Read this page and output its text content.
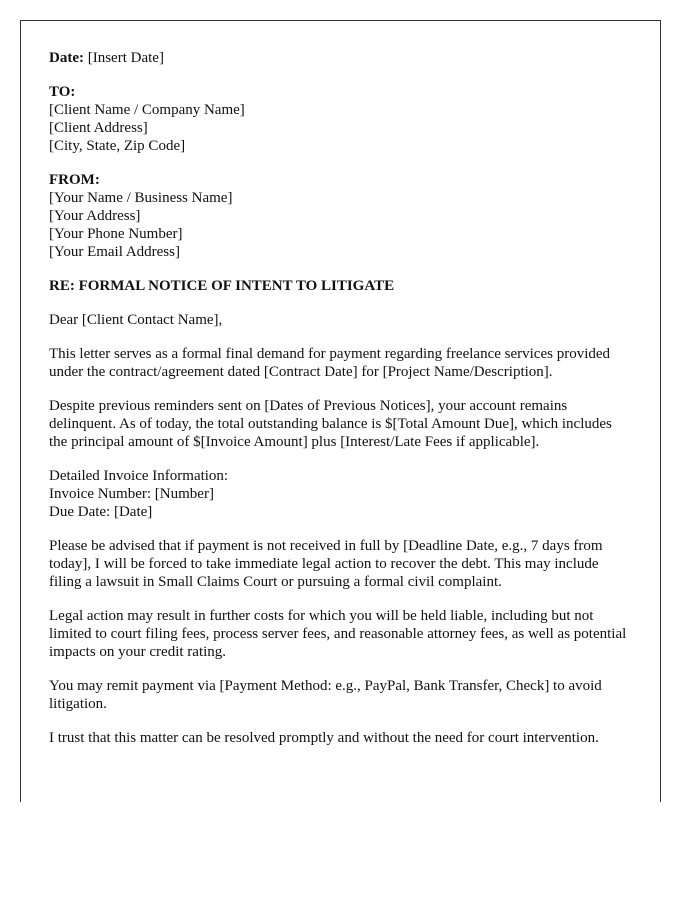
Date: [Insert Date]

TO:
[Client Name / Company Name]
[Client Address]
[City, State, Zip Code]

FROM:
[Your Name / Business Name]
[Your Address]
[Your Phone Number]
[Your Email Address]

RE: FORMAL NOTICE OF INTENT TO LITIGATE

Dear [Client Contact Name],

This letter serves as a formal final demand for payment regarding freelance services provided under the contract/agreement dated [Contract Date] for [Project Name/Description].

Despite previous reminders sent on [Dates of Previous Notices], your account remains delinquent. As of today, the total outstanding balance is $[Total Amount Due], which includes the principal amount of $[Invoice Amount] plus [Interest/Late Fees if applicable].

Detailed Invoice Information:
Invoice Number: [Number]
Due Date: [Date]

Please be advised that if payment is not received in full by [Deadline Date, e.g., 7 days from today], I will be forced to take immediate legal action to recover the debt. This may include filing a lawsuit in Small Claims Court or pursuing a formal civil complaint.

Legal action may result in further costs for which you will be held liable, including but not limited to court filing fees, process server fees, and reasonable attorney fees, as well as potential impacts on your credit rating.

You may remit payment via [Payment Method: e.g., PayPal, Bank Transfer, Check] to avoid litigation.

I trust that this matter can be resolved promptly and without the need for court intervention.
